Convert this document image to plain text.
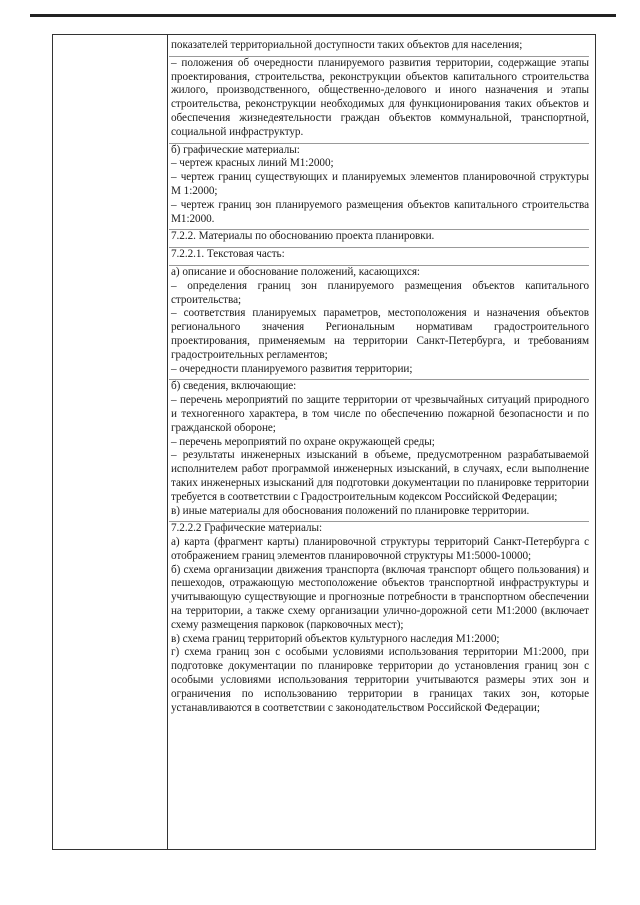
показателей территориальной доступности таких объектов для населения;

– положения об очередности планируемого развития территории, содержащие этапы проектирования, строительства, реконструкции объектов капитального строительства жилого, производственного, общественно-делового и иного назначения и этапы строительства, реконструкции необходимых для функционирования таких объектов и обеспечения жизнедеятельности граждан объектов коммунальной, транспортной, социальной инфраструктур.

б) графические материалы:

– чертеж красных линий М1:2000;

– чертеж границ существующих и планируемых элементов планировочной структуры М 1:2000;

– чертеж границ зон планируемого размещения объектов капитального строительства М1:2000.

7.2.2. Материалы по обоснованию проекта планировки.

7.2.2.1. Текстовая часть:

а) описание и обоснование положений, касающихся:

– определения границ зон планируемого размещения объектов капитального строительства;

– соответствия планируемых параметров, местоположения и назначения объектов регионального значения Региональным нормативам градостроительного проектирования, применяемым на территории Санкт-Петербурга, и требованиям градостроительных регламентов;

– очередности планируемого развития территории;

б) сведения, включающие:

– перечень мероприятий по защите территории от чрезвычайных ситуаций природного и техногенного характера, в том числе по обеспечению пожарной безопасности и по гражданской обороне;

– перечень мероприятий по охране окружающей среды;

– результаты инженерных изысканий в объеме, предусмотренном разрабатываемой исполнителем работ программой инженерных изысканий, в случаях, если выполнение таких инженерных изысканий для подготовки документации по планировке территории требуется в соответствии с Градостроительным кодексом Российской Федерации;

в) иные материалы для обоснования положений по планировке территории.

7.2.2.2 Графические материалы:

а) карта (фрагмент карты) планировочной структуры территорий Санкт-Петербурга с отображением границ элементов планировочной структуры М1:5000-10000;

б) схема организации движения транспорта (включая транспорт общего пользования) и пешеходов, отражающую местоположение объектов транспортной инфраструктуры и учитывающую существующие и прогнозные потребности в транспортном обеспечении на территории, а также схему организации улично-дорожной сети М1:2000 (включает схему размещения парковок (парковочных мест);

в) схема границ территорий объектов культурного наследия М1:2000;

г) схема границ зон с особыми условиями использования территории М1:2000, при подготовке документации по планировке территории до установления границ зон с особыми условиями использования территории учитываются размеры этих зон и ограничения по использованию территории в границах таких зон, которые устанавливаются в соответствии с законодательством Российской Федерации;
